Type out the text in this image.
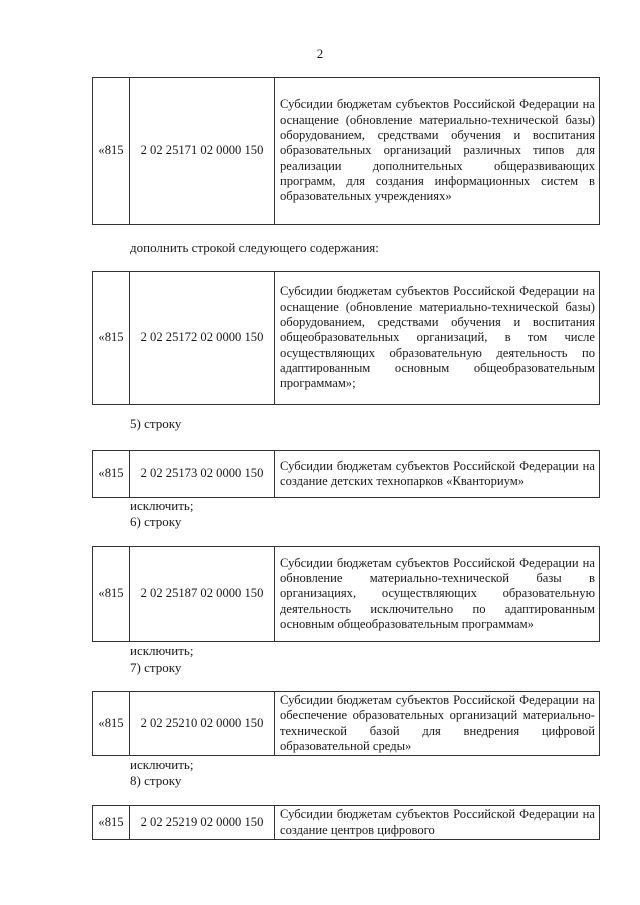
2
«815	2 02 25171 02 0000 150	Субсидии бюджетам субъектов Российской Федерации на оснащение (обновление материально-технической базы) оборудованием, средствами обучения и воспитания образовательных организаций различных типов для реализации дополнительных общеразвивающих программ, для создания информационных систем в образовательных учреждениях»
дополнить строкой следующего содержания:
«815	2 02 25172 02 0000 150	Субсидии бюджетам субъектов Российской Федерации на оснащение (обновление материально-технической базы) оборудованием, средствами обучения и воспитания общеобразовательных организаций, в том числе осуществляющих образовательную деятельность по адаптированным основным общеобразовательным программам»;
5) строку
«815	2 02 25173 02 0000 150	Субсидии бюджетам субъектов Российской Федерации на создание детских технопарков «Кванториум»
исключить;
6) строку
«815	2 02 25187 02 0000 150	Субсидии бюджетам субъектов Российской Федерации на обновление материально-технической базы в организациях, осуществляющих образовательную деятельность исключительно по адаптированным основным общеобразовательным программам»
исключить;
7) строку
«815	2 02 25210 02 0000 150	Субсидии бюджетам субъектов Российской Федерации на обеспечение образовательных организаций материально-технической базой для внедрения цифровой образовательной среды»
исключить;
8) строку
«815	2 02 25219 02 0000 150	Субсидии бюджетам субъектов Российской Федерации на создание центров цифрового
